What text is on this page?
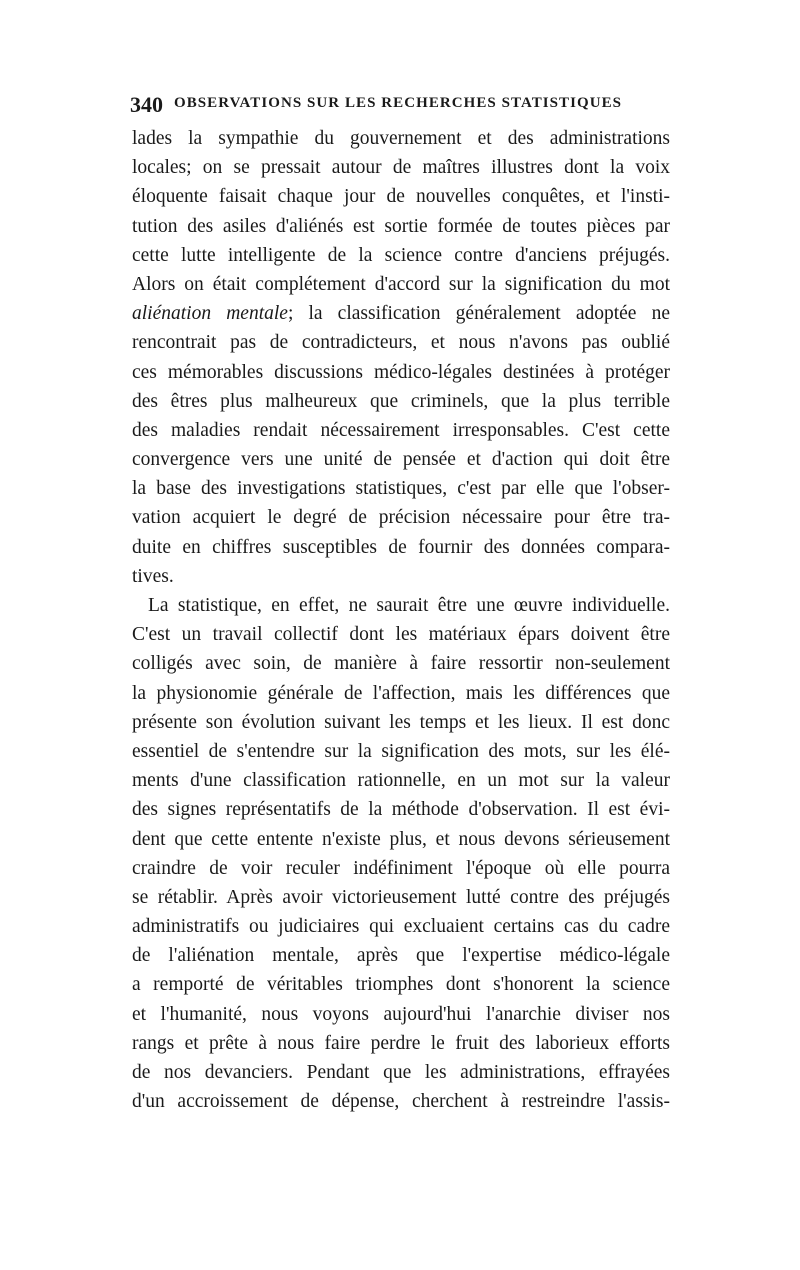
340 OBSERVATIONS SUR LES RECHERCHES STATISTIQUES
lades la sympathie du gouvernement et des administrations
locales; on se pressait autour de maîtres illustres dont la voix
éloquente faisait chaque jour de nouvelles conquêtes, et l'insti-
tution des asiles d'aliénés est sortie formée de toutes pièces par
cette lutte intelligente de la science contre d'anciens préjugés.
Alors on était complétement d'accord sur la signification du mot
aliénation mentale; la classification généralement adoptée ne
rencontrait pas de contradicteurs, et nous n'avons pas oublié
ces mémorables discussions médico-légales destinées à protéger
des êtres plus malheureux que criminels, que la plus terrible
des maladies rendait nécessairement irresponsables. C'est cette
convergence vers une unité de pensée et d'action qui doit être
la base des investigations statistiques, c'est par elle que l'obser-
vation acquiert le degré de précision nécessaire pour être tra-
duite en chiffres susceptibles de fournir des données compara-
tives.
La statistique, en effet, ne saurait être une œuvre individuelle.
C'est un travail collectif dont les matériaux épars doivent être
colligés avec soin, de manière à faire ressortir non-seulement
la physionomie générale de l'affection, mais les différences que
présente son évolution suivant les temps et les lieux. Il est donc
essentiel de s'entendre sur la signification des mots, sur les élé-
ments d'une classification rationnelle, en un mot sur la valeur
des signes représentatifs de la méthode d'observation. Il est évi-
dent que cette entente n'existe plus, et nous devons sérieusement
craindre de voir reculer indéfiniment l'époque où elle pourra
se rétablir. Après avoir victorieusement lutté contre des préjugés
administratifs ou judiciaires qui excluaient certains cas du cadre
de l'aliénation mentale, après que l'expertise médico-légale
a remporté de véritables triomphes dont s'honorent la science
et l'humanité, nous voyons aujourd'hui l'anarchie diviser nos
rangs et prête à nous faire perdre le fruit des laborieux efforts
de nos devanciers. Pendant que les administrations, effrayées
d'un accroissement de dépense, cherchent à restreindre l'assis-
